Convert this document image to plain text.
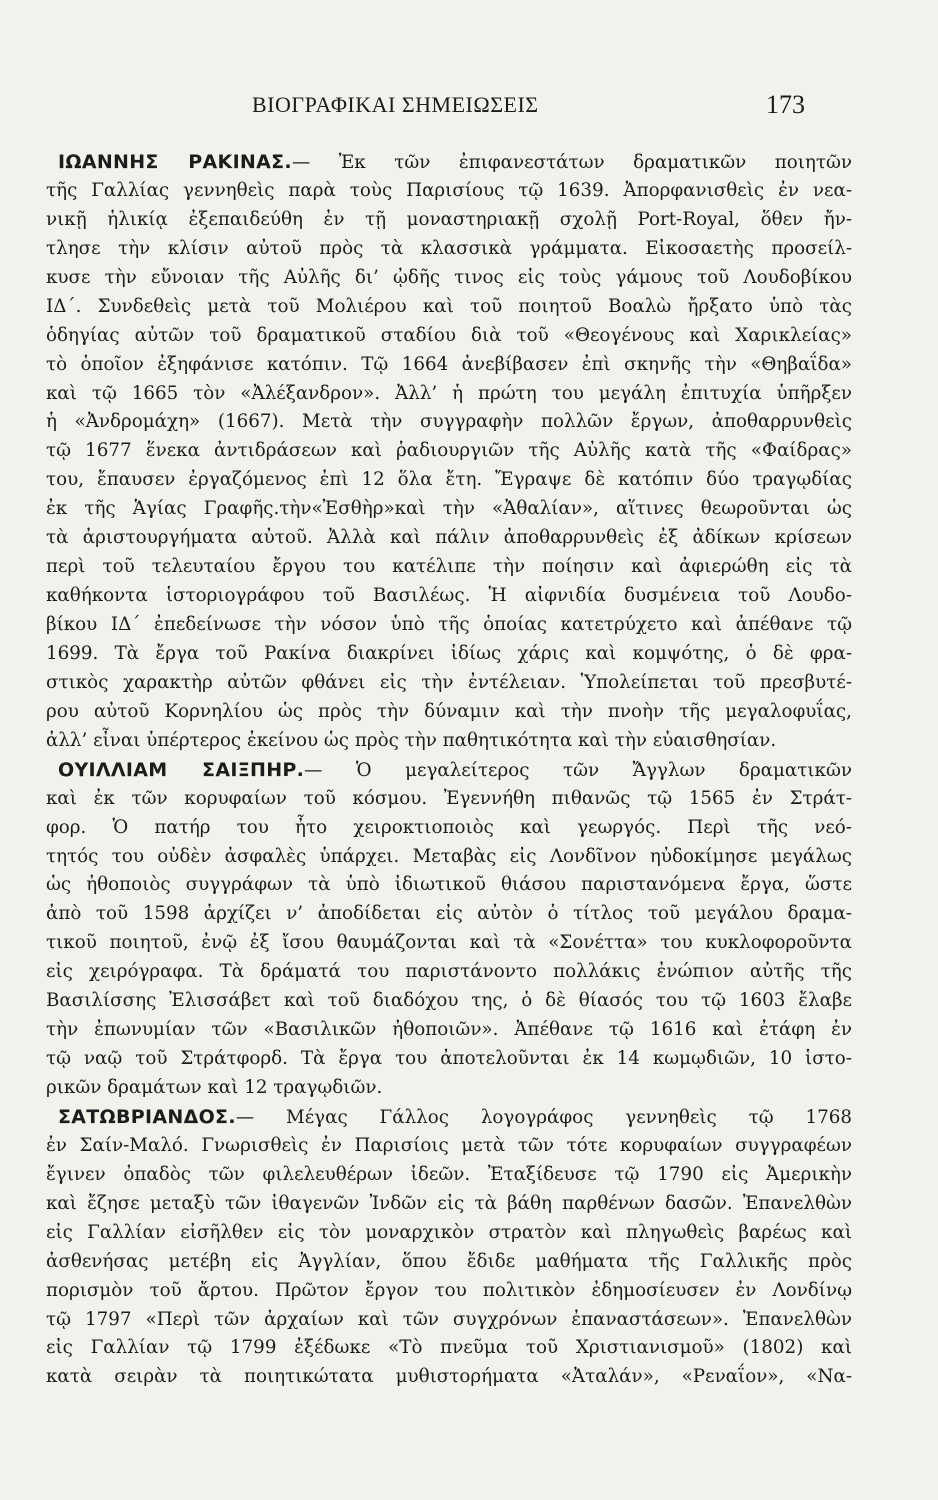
ΒΙΟΓΡΑΦΙΚΑΙ ΣΗΜΕΙΩΣΕΙΣ	173
ΙΩΑΝΝΗΣ ΡΑΚΙΝΑΣ.— Ἐκ τῶν ἐπιφανεστάτων δραματικῶν ποιητῶν
τῆς Γαλλίας γεννηθεὶς παρὰ τοὺς Παρισίους τῷ 1639. Ἀπορφανισθεὶς ἐν νεα-
νικῇ ἡλικίᾳ ἐξεπαιδεύθη ἐν τῇ μοναστηριακῇ σχολῇ Port-Royal, ὅθεν ἤν-
τλησε τὴν κλίσιν αὐτοῦ πρὸς τὰ κλασσικὰ γράμματα. Εἰκοσαετὴς προσείλ-
κυσε τὴν εὔνοιαν τῆς Αὐλῆς δι’ ᾠδῆς τινος εἰς τοὺς γάμους τοῦ Λουδοβίκου
ΙΔ΄. Συνδεθεὶς μετὰ τοῦ Μολιέρου καὶ τοῦ ποιητοῦ Βοαλὼ ἤρξατο ὑπὸ τὰς
ὁδηγίας αὐτῶν τοῦ δραματικοῦ σταδίου διὰ τοῦ «Θεογένους καὶ Χαρικλείας»
τὸ ὁποῖον ἐξηφάνισε κατόπιν. Τῷ 1664 ἀνεβίβασεν ἐπὶ σκηνῆς τὴν «Θηβαΐδα»
καὶ τῷ 1665 τὸν «Ἀλέξανδρον». Ἀλλ’ ἡ πρώτη του μεγάλη ἐπιτυχία ὑπῆρξεν
ἡ «Ἀνδρομάχη» (1667). Μετὰ τὴν συγγραφὴν πολλῶν ἔργων, ἀποθαρρυνθεὶς
τῷ 1677 ἕνεκα ἀντιδράσεων καὶ ῥαδιουργιῶν τῆς Αὐλῆς κατὰ τῆς «Φαίδρας»
του, ἔπαυσεν ἐργαζόμενος ἐπὶ 12 ὅλα ἔτη. Ἔγραψε δὲ κατόπιν δύο τραγῳδίας
ἐκ τῆς Ἁγίας Γραφῆς.τὴν«Ἐσθὴρ»καὶ τὴν «Ἀθαλίαν», αἵτινες θεωροῦνται ὡς
τὰ ἀριστουργήματα αὐτοῦ. Ἀλλὰ καὶ πάλιν ἀποθαρρυνθεὶς ἐξ ἀδίκων κρίσεων
περὶ τοῦ τελευταίου ἔργου του κατέλιπε τὴν ποίησιν καὶ ἀφιερώθη εἰς τὰ
καθήκοντα ἱστοριογράφου τοῦ Βασιλέως. Ἡ αἰφνιδία δυσμένεια τοῦ Λουδο-
βίκου ΙΔ΄ ἐπεδείνωσε τὴν νόσον ὑπὸ τῆς ὁποίας κατετρύχετο καὶ ἀπέθανε τῷ
1699. Τὰ ἔργα τοῦ Ρακίνα διακρίνει ἰδίως χάρις καὶ κομψότης, ὁ δὲ φρα-
στικὸς χαρακτὴρ αὐτῶν φθάνει εἰς τὴν ἐντέλειαν. Ὑπολείπεται τοῦ πρεσβυτέ-
ρου αὐτοῦ Κορνηλίου ὡς πρὸς τὴν δύναμιν καὶ τὴν πνοὴν τῆς μεγαλοφυΐας,
ἀλλ’ εἶναι ὑπέρτερος ἐκείνου ὡς πρὸς τὴν παθητικότητα καὶ τὴν εὐαισθησίαν.
ΟΥΙΛΛΙΑΜ ΣΑΙΞΠΗΡ.— Ὁ μεγαλείτερος τῶν Ἄγγλων δραματικῶν
καὶ ἐκ τῶν κορυφαίων τοῦ κόσμου. Ἐγεννήθη πιθανῶς τῷ 1565 ἐν Στράτ-
φορ. Ὁ πατήρ του ἦτο χειροκτιοποιὸς καὶ γεωργός. Περὶ τῆς νεό-
τητός του οὐδὲν ἀσφαλὲς ὑπάρχει. Μεταβὰς εἰς Λονδῖνον ηὐδοκίμησε μεγάλως
ὡς ἠθοποιὸς συγγράφων τὰ ὑπὸ ἰδιωτικοῦ θιάσου παριστανόμενα ἔργα, ὥστε
ἀπὸ τοῦ 1598 ἀρχίζει ν’ ἀποδίδεται εἰς αὐτὸν ὁ τίτλος τοῦ μεγάλου δραμα-
τικοῦ ποιητοῦ, ἐνῷ ἐξ ἴσου θαυμάζονται καὶ τὰ «Σονέττα» του κυκλοφοροῦντα
εἰς χειρόγραφα. Τὰ δράματά του παριστάνοντο πολλάκις ἐνώπιον αὐτῆς τῆς
Βασιλίσσης Ἐλισσάβετ καὶ τοῦ διαδόχου της, ὁ δὲ θίασός του τῷ 1603 ἔλαβε
τὴν ἐπωνυμίαν τῶν «Βασιλικῶν ἠθοποιῶν». Ἀπέθανε τῷ 1616 καὶ ἐτάφη ἐν
τῷ ναῷ τοῦ Στράτφορδ. Τὰ ἔργα του ἀποτελοῦνται ἐκ 14 κωμῳδιῶν, 10 ἱστο-
ρικῶν δραμάτων καὶ 12 τραγῳδιῶν.
ΣΑΤΩΒΡΙΑΝΔΟΣ.— Μέγας Γάλλος λογογράφος γεννηθεὶς τῷ 1768
ἐν Σαίν-Μαλό. Γνωρισθεὶς ἐν Παρισίοις μετὰ τῶν τότε κορυφαίων συγγραφέων
ἔγινεν ὀπαδὸς τῶν φιλελευθέρων ἰδεῶν. Ἐταξίδευσε τῷ 1790 εἰς Ἀμερικὴν
καὶ ἔζησε μεταξὺ τῶν ἰθαγενῶν Ἰνδῶν εἰς τὰ βάθη παρθένων δασῶν. Ἐπανελθὼν
εἰς Γαλλίαν εἰσῆλθεν εἰς τὸν μοναρχικὸν στρατὸν καὶ πληγωθεὶς βαρέως καὶ
ἀσθενήσας μετέβη εἰς Ἀγγλίαν, ὅπου ἔδιδε μαθήματα τῆς Γαλλικῆς πρὸς
πορισμὸν τοῦ ἄρτου. Πρῶτον ἔργον του πολιτικὸν ἐδημοσίευσεν ἐν Λονδίνῳ
τῷ 1797 «Περὶ τῶν ἀρχαίων καὶ τῶν συγχρόνων ἐπαναστάσεων». Ἐπανελθὼν
εἰς Γαλλίαν τῷ 1799 ἐξέδωκε «Τὸ πνεῦμα τοῦ Χριστιανισμοῦ» (1802) καὶ
κατὰ σειρὰν τὰ ποιητικώτατα μυθιστορήματα «Ἀταλάν», «Ρεναΐον», «Να-
